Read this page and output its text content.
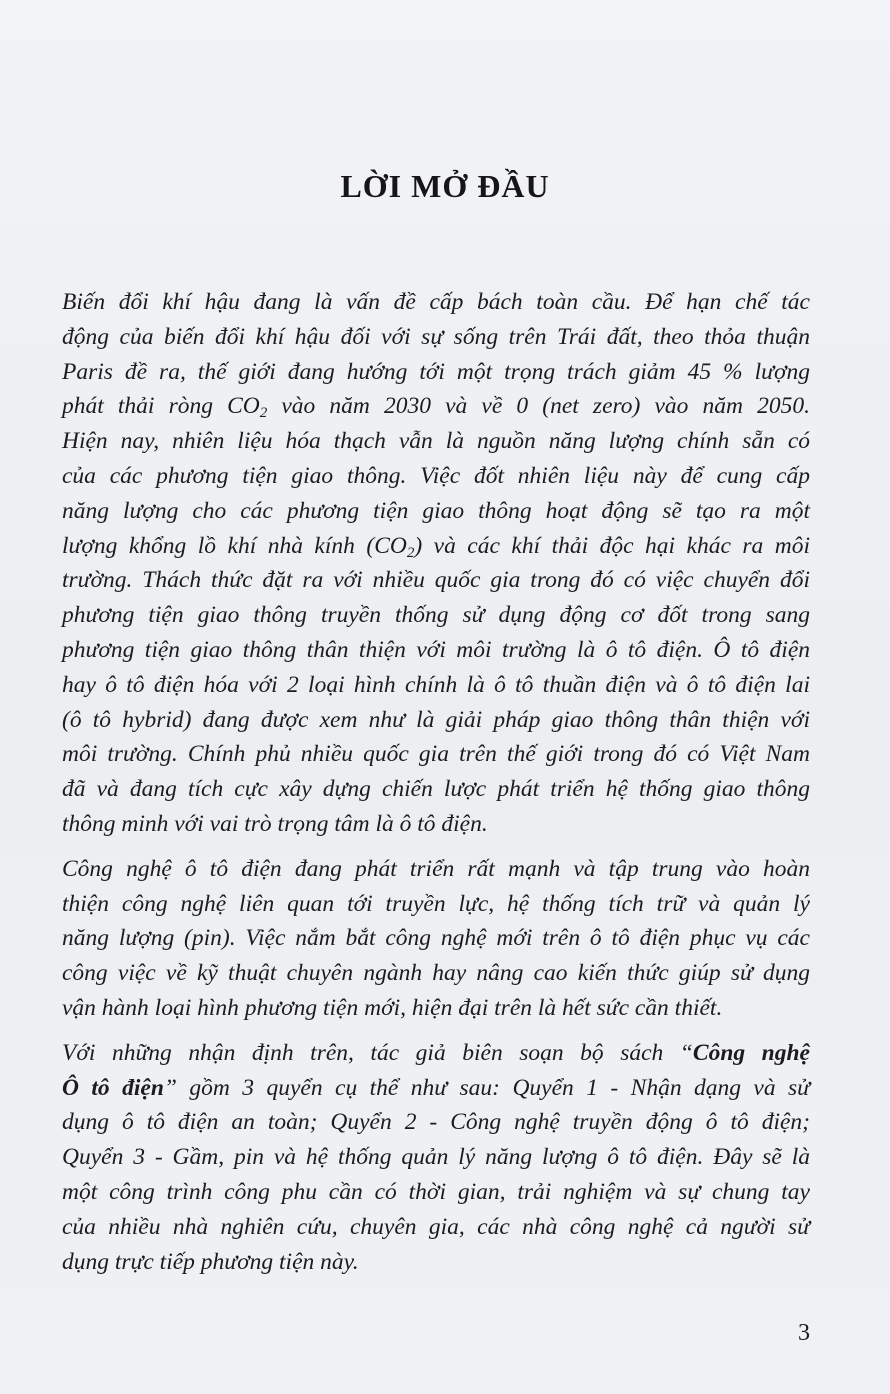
LỜI MỞ ĐẦU
Biến đổi khí hậu đang là vấn đề cấp bách toàn cầu. Để hạn chế tác
động của biến đổi khí hậu đối với sự sống trên Trái đất, theo thỏa thuận
Paris đề ra, thế giới đang hướng tới một trọng trách giảm 45 % lượng
phát thải ròng $CO_2$ vào năm 2030 và về 0 (net zero) vào năm 2050.
Hiện nay, nhiên liệu hóa thạch vẫn là nguồn năng lượng chính sẵn có
của các phương tiện giao thông. Việc đốt nhiên liệu này để cung cấp
năng lượng cho các phương tiện giao thông hoạt động sẽ tạo ra một
lượng khổng lồ khí nhà kính $(CO_2)$ và các khí thải độc hại khác ra môi
trường. Thách thức đặt ra với nhiều quốc gia trong đó có việc chuyển đổi
phương tiện giao thông truyền thống sử dụng động cơ đốt trong sang
phương tiện giao thông thân thiện với môi trường là ô tô điện. Ô tô điện
hay ô tô điện hóa với 2 loại hình chính là ô tô thuần điện và ô tô điện lai
(ô tô hybrid) đang được xem như là giải pháp giao thông thân thiện với
môi trường. Chính phủ nhiều quốc gia trên thế giới trong đó có Việt Nam
đã và đang tích cực xây dựng chiến lược phát triển hệ thống giao thông
thông minh với vai trò trọng tâm là ô tô điện.
Công nghệ ô tô điện đang phát triển rất mạnh và tập trung vào hoàn
thiện công nghệ liên quan tới truyền lực, hệ thống tích trữ và quản lý
năng lượng (pin). Việc nắm bắt công nghệ mới trên ô tô điện phục vụ các
công việc về kỹ thuật chuyên ngành hay nâng cao kiến thức giúp sử dụng
vận hành loại hình phương tiện mới, hiện đại trên là hết sức cần thiết.
Với những nhận định trên, tác giả biên soạn bộ sách “Công nghệ
Ô tô điện” gồm 3 quyển cụ thể như sau: Quyển 1 - Nhận dạng và sử
dụng ô tô điện an toàn; Quyển 2 - Công nghệ truyền động ô tô điện;
Quyển 3 - Gầm, pin và hệ thống quản lý năng lượng ô tô điện. Đây sẽ là
một công trình công phu cần có thời gian, trải nghiệm và sự chung tay
của nhiều nhà nghiên cứu, chuyên gia, các nhà công nghệ cả người sử
dụng trực tiếp phương tiện này.
3
